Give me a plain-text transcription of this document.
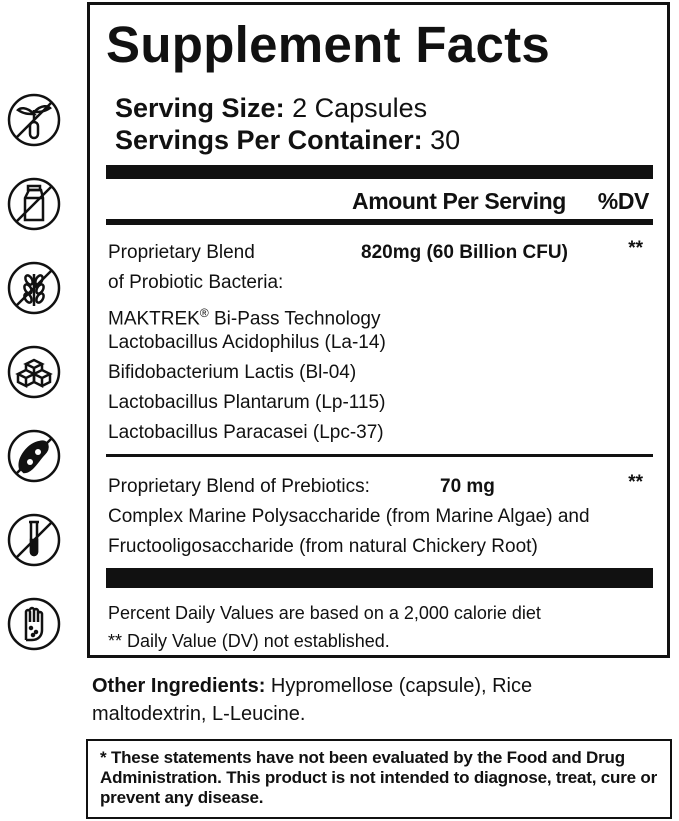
Supplement Facts
Serving Size: 2 Capsules
Servings Per Container: 30
Amount Per Serving %DV
Proprietary Blend	820mg (60 Billion CFU)	**
of Probiotic Bacteria:
MAKTREK® Bi-Pass Technology
Lactobacillus Acidophilus (La-14)
Bifidobacterium Lactis (Bl-04)
Lactobacillus Plantarum (Lp-115)
Lactobacillus Paracasei (Lpc-37)
Proprietary Blend of Prebiotics:	70 mg	**
Complex Marine Polysaccharide (from Marine Algae) and
Fructooligosaccharide (from natural Chickery Root)
Percent Daily Values are based on a 2,000 calorie diet
** Daily Value (DV) not established.
Other Ingredients: Hypromellose (capsule), Rice maltodextrin, L-Leucine.
* These statements have not been evaluated by the Food and Drug Administration. This product is not intended to diagnose, treat, cure or prevent any disease.
